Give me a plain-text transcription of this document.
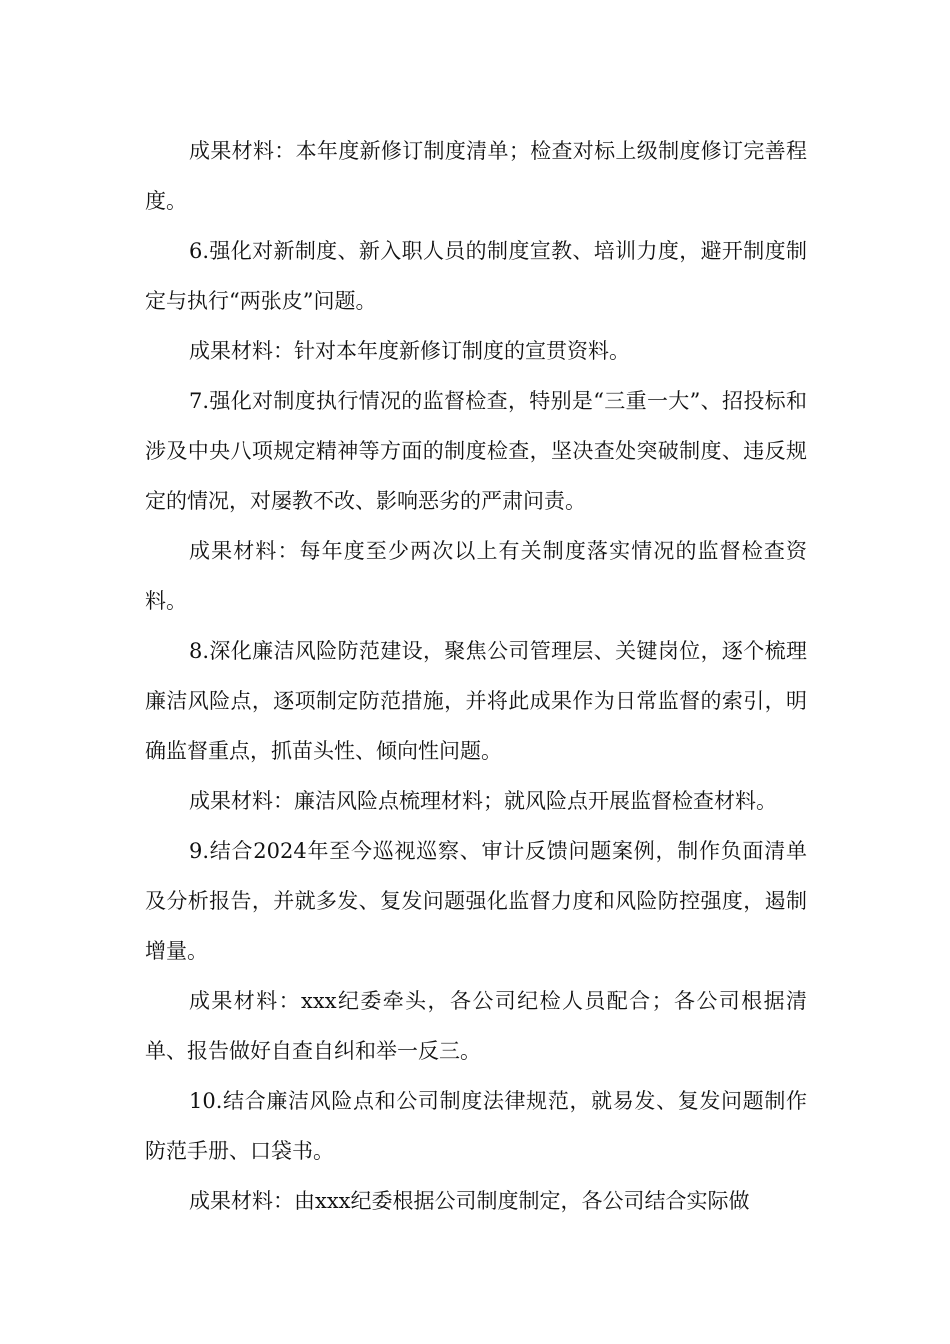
成果材料：本年度新修订制度清单；检查对标上级制度修订完善程度。

6.强化对新制度、新入职人员的制度宣教、培训力度，避开制度制定与执行“两张皮”问题。

成果材料：针对本年度新修订制度的宣贯资料。

7.强化对制度执行情况的监督检查，特别是“三重一大”、招投标和涉及中央八项规定精神等方面的制度检查，坚决查处突破制度、违反规定的情况，对屡教不改、影响恶劣的严肃问责。

成果材料：每年度至少两次以上有关制度落实情况的监督检查资料。

8.深化廉洁风险防范建设，聚焦公司管理层、关键岗位，逐个梳理廉洁风险点，逐项制定防范措施，并将此成果作为日常监督的索引，明确监督重点，抓苗头性、倾向性问题。

成果材料：廉洁风险点梳理材料；就风险点开展监督检查材料。

9.结合2024年至今巡视巡察、审计反馈问题案例，制作负面清单及分析报告，并就多发、复发问题强化监督力度和风险防控强度，遏制增量。

成果材料：xxx纪委牵头，各公司纪检人员配合；各公司根据清单、报告做好自查自纠和举一反三。

10.结合廉洁风险点和公司制度法律规范，就易发、复发问题制作防范手册、口袋书。

成果材料：由xxx纪委根据公司制度制定，各公司结合实际做
